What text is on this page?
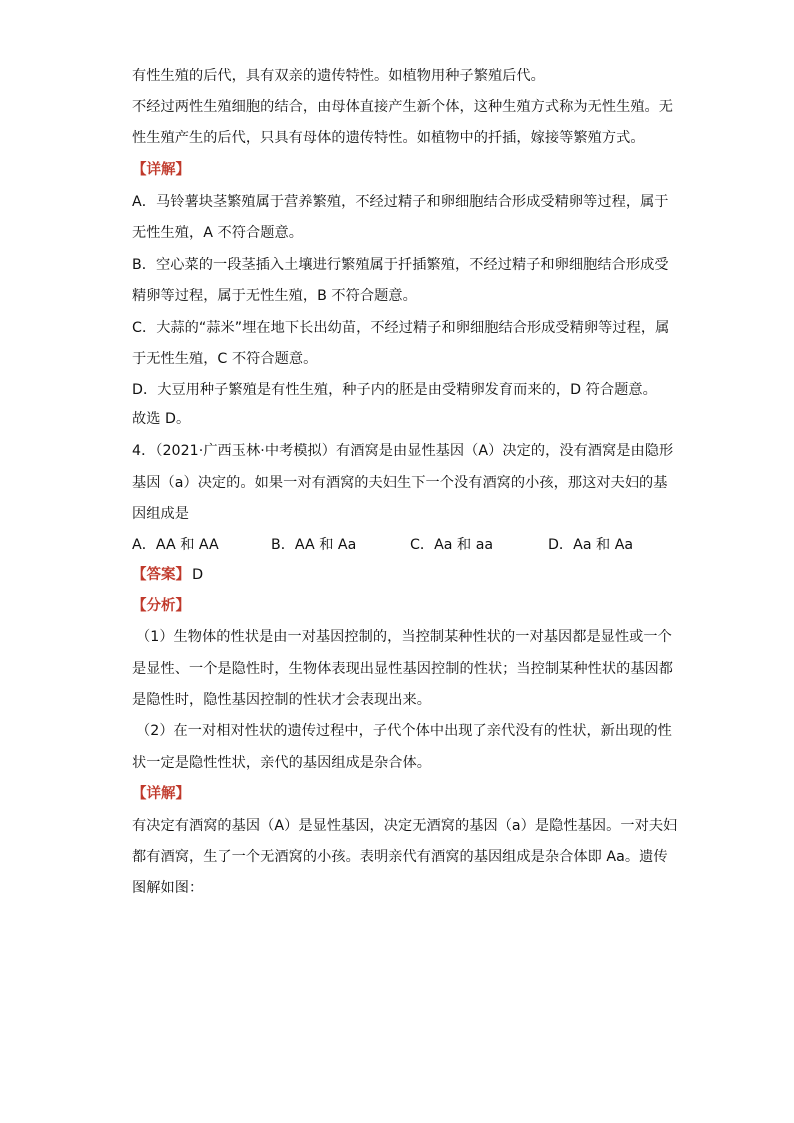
有性生殖的后代，具有双亲的遗传特性。如植物用种子繁殖后代。
不经过两性生殖细胞的结合，由母体直接产生新个体，这种生殖方式称为无性生殖。无
性生殖产生的后代，只具有母体的遗传特性。如植物中的扦插，嫁接等繁殖方式。
【详解】
A．马铃薯块茎繁殖属于营养繁殖，不经过精子和卵细胞结合形成受精卵等过程，属于
无性生殖，A 不符合题意。
B．空心菜的一段茎插入土壤进行繁殖属于扦插繁殖，不经过精子和卵细胞结合形成受
精卵等过程，属于无性生殖，B 不符合题意。
C．大蒜的“蒜米”埋在地下长出幼苗，不经过精子和卵细胞结合形成受精卵等过程，属
于无性生殖，C 不符合题意。
D．大豆用种子繁殖是有性生殖，种子内的胚是由受精卵发育而来的，D 符合题意。
故选 D。
4．（2021·广西玉林·中考模拟）有酒窝是由显性基因（A）决定的，没有酒窝是由隐形
基因（a）决定的。如果一对有酒窝的夫妇生下一个没有酒窝的小孩，那这对夫妇的基
因组成是
A．AA 和 AA	B．AA 和 Aa	C．Aa 和 aa	D．Aa 和 Aa
【答案】 D
【分析】
（1）生物体的性状是由一对基因控制的，当控制某种性状的一对基因都是显性或一个
是显性、一个是隐性时，生物体表现出显性基因控制的性状；当控制某种性状的基因都
是隐性时，隐性基因控制的性状才会表现出来。
（2）在一对相对性状的遗传过程中，子代个体中出现了亲代没有的性状，新出现的性
状一定是隐性性状，亲代的基因组成是杂合体。
【详解】
有决定有酒窝的基因（A）是显性基因，决定无酒窝的基因（a）是隐性基因。一对夫妇
都有酒窝，生了一个无酒窝的小孩。表明亲代有酒窝的基因组成是杂合体即 Aa。遗传
图解如图：
